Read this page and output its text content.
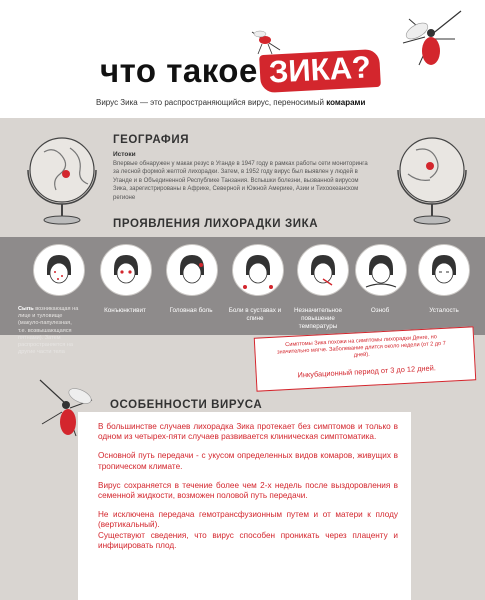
что такое ЗИКА?
Вирус Зика — это распространяющийся вирус, переносимый комарами
ГЕОГРАФИЯ
Истоки
Впервые обнаружен у макак резус в Уганде в 1947 году в рамках работы сети мониторинга за лесной формой желтой лихорадки. Затем, в 1952 году вирус был выявлен у людей в Уганде и в Объединенной Республике Танзания. Вспышки болезни, вызванной вирусом Зика, зарегистрированы в Африке, Северной и Южной Америке, Азии и Тихоокеанском регионе
ПРОЯВЛЕНИЯ ЛИХОРАДКИ ЗИКА
Сыпь возникающая на лице и туловище (макуло-папулезная, т.е. возвышающаяся пятнами). Затем распространяется на другие части тела
Конъюнктивит	Головная боль	Боли в суставах и спине
Незначительное повышение температуры
Озноб	Усталость
Симптомы Зика похожи на симптомы лихорадки Денге, но значительно мягче. Заболевание длится около недели (от 2 до 7 дней).
Инкубационный период от 3 до 12 дней.
ОСОБЕННОСТИ ВИРУСА

В большинстве случаев лихорадка Зика протекает без симптомов и только в одном из четырех-пяти случаев развивается клиническая симптоматика.

Основной путь передачи - с укусом определенных видов комаров, живущих в тропическом климате.

Вирус сохраняется в течение более чем 2-х недель после выздоровления в семенной жидкости, возможен половой путь передачи.

Не исключена передача гемотрансфузионным путем и от матери к плоду (вертикальный).
Существуют сведения, что вирус способен проникать через плаценту и инфицировать плод.
